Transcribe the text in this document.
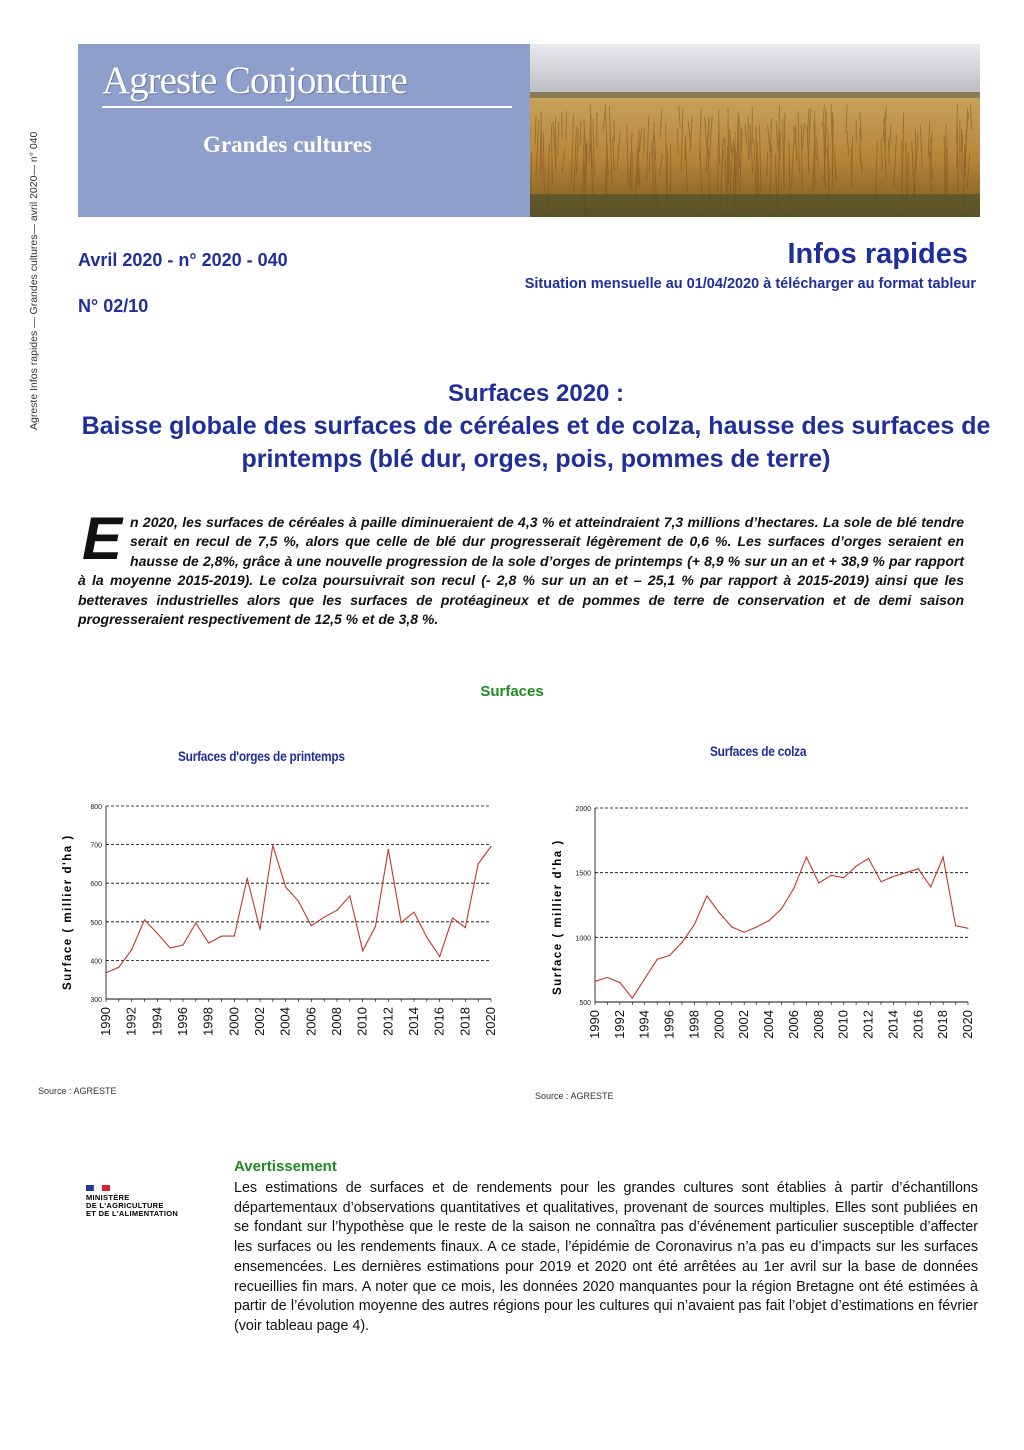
Agreste Infos rapides — Grandes cultures— avril 2020— n° 040
Agreste Conjoncture
Grandes cultures
Avril 2020 - n° 2020 - 040
N° 02/10
Infos rapides
Situation mensuelle au 01/04/2020 à télécharger au format tableur
Surfaces 2020 :
Baisse globale des surfaces de céréales et de colza, hausse des surfaces de printemps (blé dur, orges, pois, pommes de terre)
En 2020, les surfaces de céréales à paille diminueraient de 4,3 % et atteindraient 7,3 millions d’hectares. La sole de blé tendre serait en recul de 7,5 %, alors que celle de blé dur progresserait légèrement de 0,6 %. Les surfaces d’orges seraient en hausse de 2,8%, grâce à une nouvelle progression de la sole d’orges de printemps (+ 8,9 % sur un an et + 38,9 % par rapport à la moyenne 2015-2019). Le colza poursuivrait son recul (- 2,8 % sur un an et – 25,1 % par rapport à 2015-2019) ainsi que les betteraves industrielles alors que les surfaces de protéagineux et de pommes de terre de conservation et de demi saison progresseraient respectivement de 12,5 % et de 3,8 %.
Surfaces
Surfaces d'orges de printemps
Surface ( millier d'ha )
300
400
500
600
700
800
1990 1992 1994 1996 1998 2000 2002 2004 2006 2008 2010 2012 2014 2016 2018 2020
Source : AGRESTE
Surfaces de colza
Surface ( millier d'ha )
500
1000
1500
2000
1990 1992 1994 1996 1998 2000 2002 2004 2006 2008 2010 2012 2014 2016 2018 2020
Source : AGRESTE
MINISTÈRE
DE L'AGRICULTURE
ET DE L'ALIMENTATION
Avertissement
Les estimations de surfaces et de rendements pour les grandes cultures sont établies à partir d’échantillons départementaux d’observations quantitatives et qualitatives, provenant de sources multiples. Elles sont publiées en se fondant sur l’hypothèse que le reste de la saison ne connaîtra pas d’événement particulier susceptible d’affecter les surfaces ou les rendements finaux. A ce stade, l’épidémie de Coronavirus n’a pas eu d’impacts sur les surfaces ensemencées. Les dernières estimations pour 2019 et 2020 ont été arrêtées au 1er avril sur la base de données recueillies fin mars. A noter que ce mois, les données 2020 manquantes pour la région Bretagne ont été estimées à partir de l’évolution moyenne des autres régions pour les cultures qui n’avaient pas fait l’objet d’estimations en février (voir tableau page 4).
